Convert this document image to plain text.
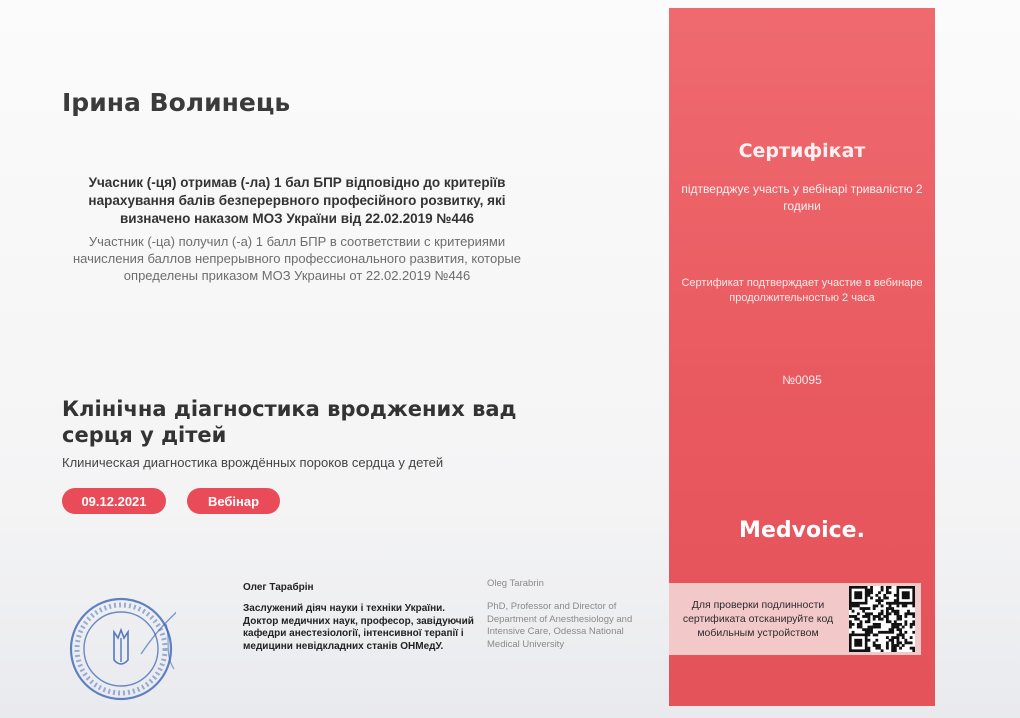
Ірина Волинець

Учасник (-ця) отримав (-ла) 1 бал БПР відповідно до критеріїв нарахування балів безперервного професійного розвитку, які визначено наказом МОЗ України від 22.02.2019 №446

Участник (-ца) получил (-а) 1 балл БПР в соответствии с критериями начисления баллов непрерывного профессионального развития, которые определены приказом МОЗ Украины от 22.02.2019 №446

Клінічна діагностика вроджених вад серця у дітей

Клиническая диагностика врождённых пороков сердца у детей

09.12.2021	Вебінар

Олег Тарабрін

Заслужений діяч науки і техніки України. Доктор медичних наук, професор, завідуючий кафедри анестезіології, інтенсивної терапії і медицини невідкладних станів ОНМедУ.

Oleg Tarabrin

PhD, Professor and Director of Department of Anesthesiology and Intensive Care, Odessa National Medical University

Сертифікат

підтверджує участь у вебінарі тривалістю 2 години

Сертификат подтверждает участие в вебинаре продолжительностью 2 часа

№0095

Medvoice.

Для проверки подлинности сертификата отсканируйте код мобильным устройством
